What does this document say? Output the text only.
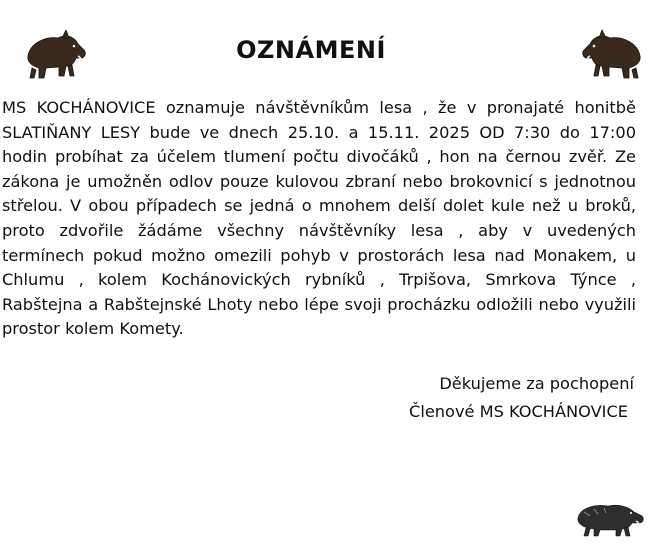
OZNÁMENÍ

MS KOCHÁNOVICE oznamuje návštěvníkům lesa , že v pronajaté honitbě SLATIŇANY LESY bude ve dnech 25.10. a 15.11. 2025 OD 7:30 do 17:00 hodin probíhat za účelem tlumení počtu divočáků , hon na černou zvěř. Ze zákona je umožněn odlov pouze kulovou zbraní nebo brokovnicí s jednotnou střelou. V obou případech se jedná o mnohem delší dolet kule než u broků, proto zdvořile žádáme všechny návštěvníky lesa , aby v uvedených termínech pokud možno omezili pohyb v prostorách lesa nad Monakem, u Chlumu , kolem Kochánovických rybníků , Trpišova, Smrkova Týnce , Rabštejna a Rabštejnské Lhoty nebo lépe svoji procházku odložili nebo využili prostor kolem Komety.

Děkujeme za pochopení
Členové MS KOCHÁNOVICE
